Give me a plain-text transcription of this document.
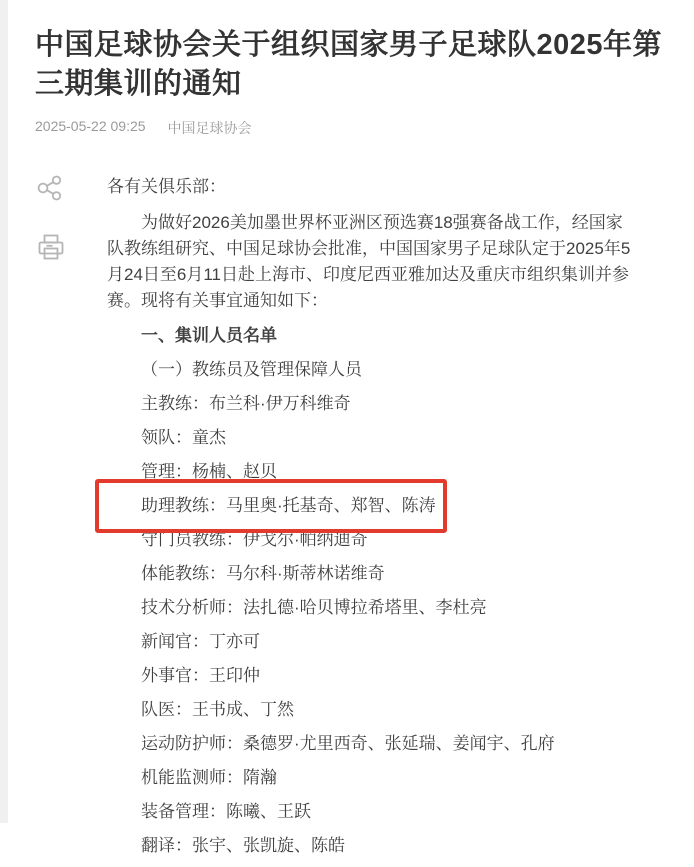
中国足球协会关于组织国家男子足球队2025年第三期集训的通知
2025-05-22 09:25 中国足球协会

各有关俱乐部：

为做好2026美加墨世界杯亚洲区预选赛18强赛备战工作，经国家队教练组研究、中国足球协会批准，中国国家男子足球队定于2025年5月24日至6月11日赴上海市、印度尼西亚雅加达及重庆市组织集训并参赛。现将有关事宜通知如下：

一、集训人员名单

（一）教练员及管理保障人员

主教练：布兰科·伊万科维奇

领队：童杰

管理：杨楠、赵贝

助理教练：马里奥·托基奇、郑智、陈涛

守门员教练：伊戈尔·帕纳迪奇

体能教练：马尔科·斯蒂林诺维奇

技术分析师：法扎德·哈贝博拉希塔里、李杜亮

新闻官：丁亦可

外事官：王印仲

队医：王书成、丁然

运动防护师：桑德罗·尤里西奇、张延瑞、姜闻宇、孔府

机能监测师：隋瀚

装备管理：陈曦、王跃

翻译：张宇、张凯旋、陈皓
